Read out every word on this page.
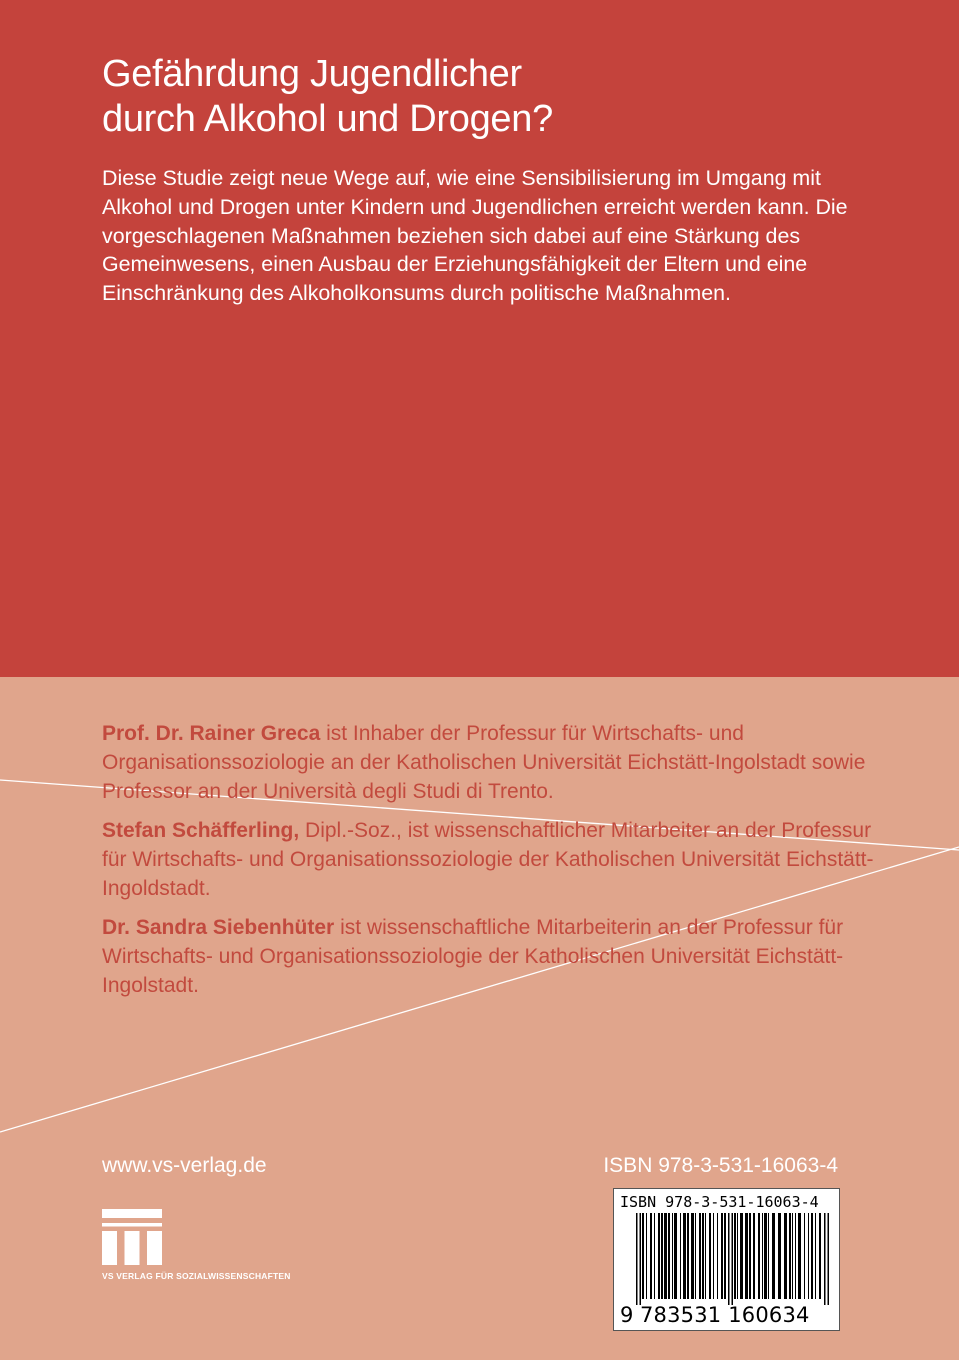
Gefährdung Jugendlicher
durch Alkohol und Drogen?

Diese Studie zeigt neue Wege auf, wie eine Sensibilisierung im Umgang mit Alkohol und Drogen unter Kindern und Jugendlichen erreicht werden kann. Die vorgeschlagenen Maßnahmen beziehen sich dabei auf eine Stärkung des Gemeinwesens, einen Ausbau der Erziehungsfähigkeit der Eltern und eine Einschränkung des Alkoholkonsums durch politische Maßnahmen.

Prof. Dr. Rainer Greca ist Inhaber der Professur für Wirtschafts- und Organisationssoziologie an der Katholischen Universität Eichstätt-Ingolstadt sowie Professor an der Università degli Studi di Trento.

Stefan Schäfferling, Dipl.-Soz., ist wissenschaftlicher Mitarbeiter an der Professur für Wirtschafts- und Organisationssoziologie der Katholischen Universität Eichstätt-Ingoldstadt.

Dr. Sandra Siebenhüter ist wissenschaftliche Mitarbeiterin an der Professur für Wirtschafts- und Organisationssoziologie der Katholischen Universität Eichstätt-Ingolstadt.

www.vs-verlag.de	ISBN 978-3-531-16063-4
VS VERLAG FÜR SOZIALWISSENSCHAFTEN
ISBN 978-3-531-16063-4
9 783531 160634
